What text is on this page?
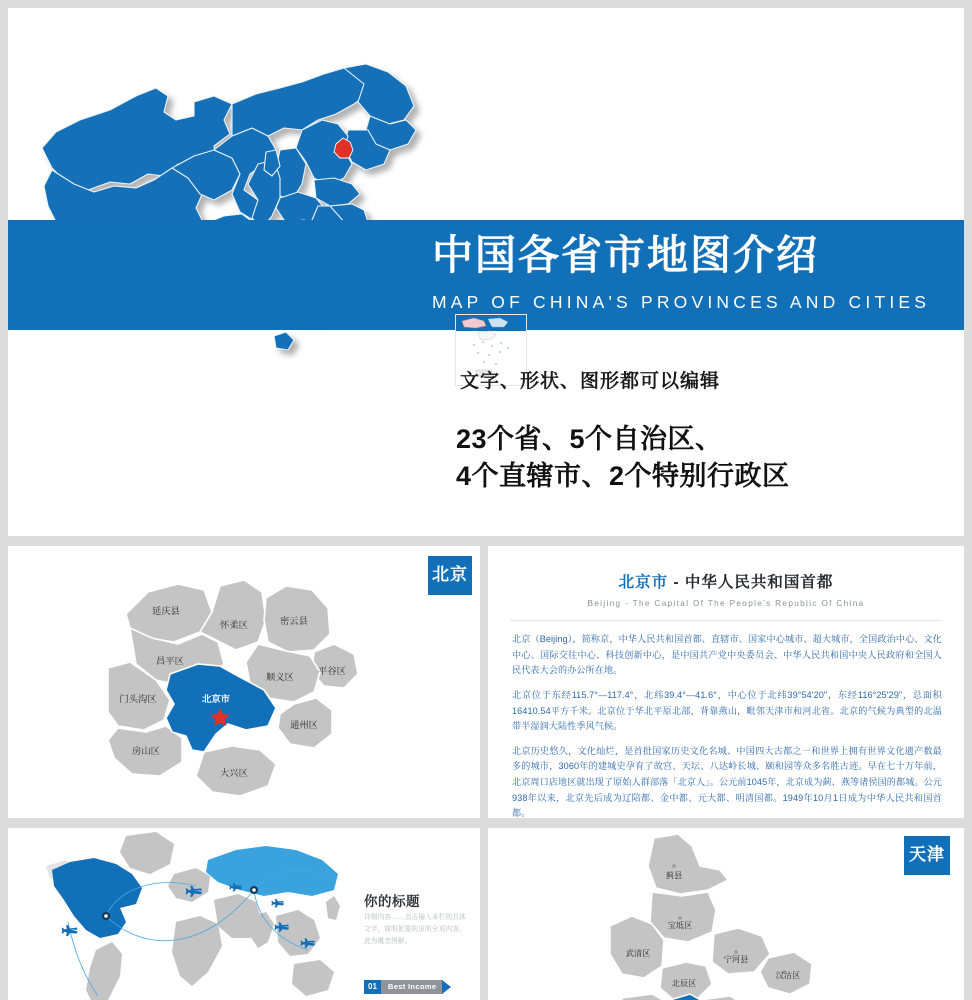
中国各省市地图介绍
MAP OF CHINA'S PROVINCES AND CITIES
文字、形状、图形都可以编辑
23个省、5个自治区、
4个直辖市、2个特别行政区
延庆县
怀柔区	密云县
昌平区
平谷区
顺义区
门头沟区
通州区
房山区
大兴区
北京市
北京	北京市 - 中华人民共和国首都
Beijing - The Capital Of The People's Republic Of China

北京（Beijing），简称京，中华人民共和国首都、直辖市、国家中心城市、超大城市，全国政治中心、文化中心、国际交往中心、科技创新中心，是中国共产党中央委员会、中华人民共和国中央人民政府和全国人民代表大会的办公所在地。

北京位于东经115.7°—117.4°，北纬39.4°—41.6°，中心位于北纬39°54'20"，东经116°25'29"，总面积16410.54平方千米。北京位于华北平原北部，背靠燕山，毗邻天津市和河北省。北京的气候为典型的北温带半湿润大陆性季风气候。

北京历史悠久，文化灿烂，是首批国家历史文化名城、中国四大古都之一和世界上拥有世界文化遗产数最多的城市，3060年的建城史孕育了故宫、天坛、八达岭长城、颐和园等众多名胜古迹。早在七十万年前，北京周口店地区就出现了原始人群部落「北京人」。公元前1045年，北京成为蓟、燕等诸侯国的都城。公元938年以来，北京先后成为辽陪都、金中都、元大都、明清国都。1949年10月1日成为中华人民共和国首都。

你的标题
详细内容……点击输入本栏的具体文字，简明扼要的说明分项内容，此为概念图解。
01	Best Income
蓟县
宝坻区
武清区
宁河县
北辰区
汉沽区
天津
